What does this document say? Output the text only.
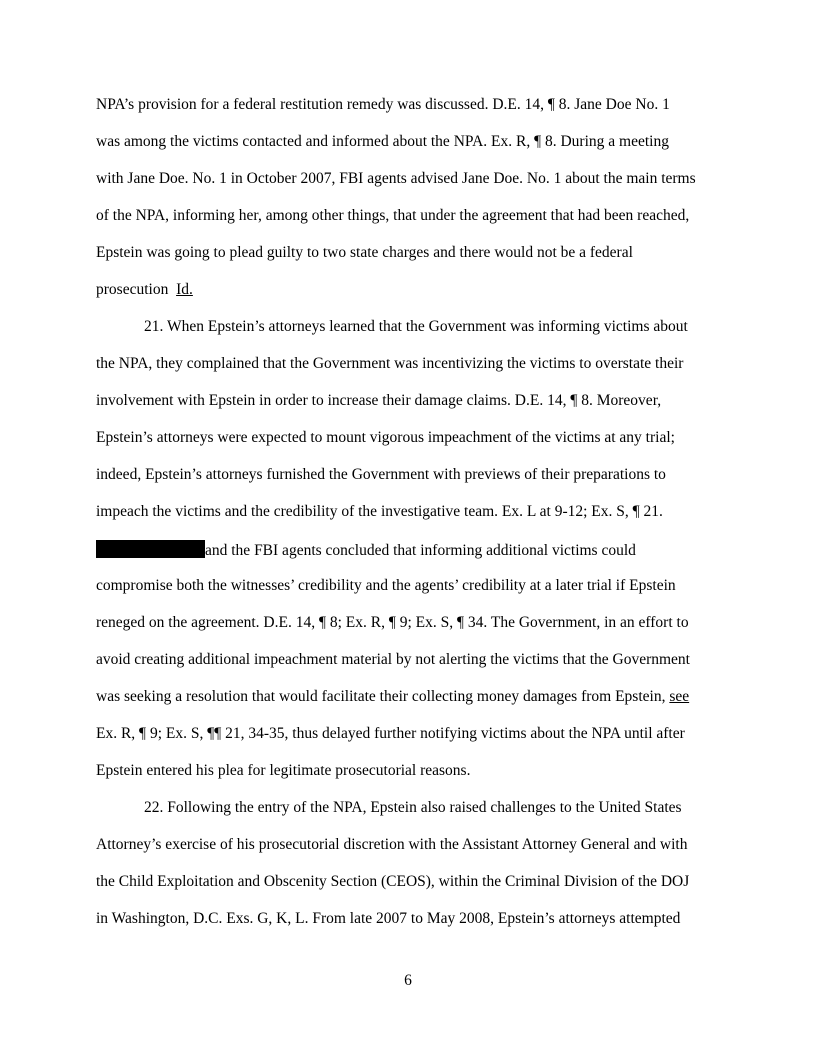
NPA’s provision for a federal restitution remedy was discussed. D.E. 14, ¶ 8. Jane Doe No. 1

was among the victims contacted and informed about the NPA. Ex. R, ¶ 8. During a meeting

with Jane Doe. No. 1 in October 2007, FBI agents advised Jane Doe. No. 1 about the main terms

of the NPA, informing her, among other things, that under the agreement that had been reached,

Epstein was going to plead guilty to two state charges and there would not be a federal

prosecution Id.

21. When Epstein’s attorneys learned that the Government was informing victims about

the NPA, they complained that the Government was incentivizing the victims to overstate their

involvement with Epstein in order to increase their damage claims. D.E. 14, ¶ 8. Moreover,

Epstein’s attorneys were expected to mount vigorous impeachment of the victims at any trial;

indeed, Epstein’s attorneys furnished the Government with previews of their preparations to

impeach the victims and the credibility of the investigative team. Ex. L at 9-12; Ex. S, ¶ 21.

and the FBI agents concluded that informing additional victims could

compromise both the witnesses’ credibility and the agents’ credibility at a later trial if Epstein

reneged on the agreement. D.E. 14, ¶ 8; Ex. R, ¶ 9; Ex. S, ¶ 34. The Government, in an effort to

avoid creating additional impeachment material by not alerting the victims that the Government

was seeking a resolution that would facilitate their collecting money damages from Epstein, see

Ex. R, ¶ 9; Ex. S, ¶¶ 21, 34-35, thus delayed further notifying victims about the NPA until after

Epstein entered his plea for legitimate prosecutorial reasons.

22. Following the entry of the NPA, Epstein also raised challenges to the United States

Attorney’s exercise of his prosecutorial discretion with the Assistant Attorney General and with

the Child Exploitation and Obscenity Section (CEOS), within the Criminal Division of the DOJ

in Washington, D.C. Exs. G, K, L. From late 2007 to May 2008, Epstein’s attorneys attempted

6
